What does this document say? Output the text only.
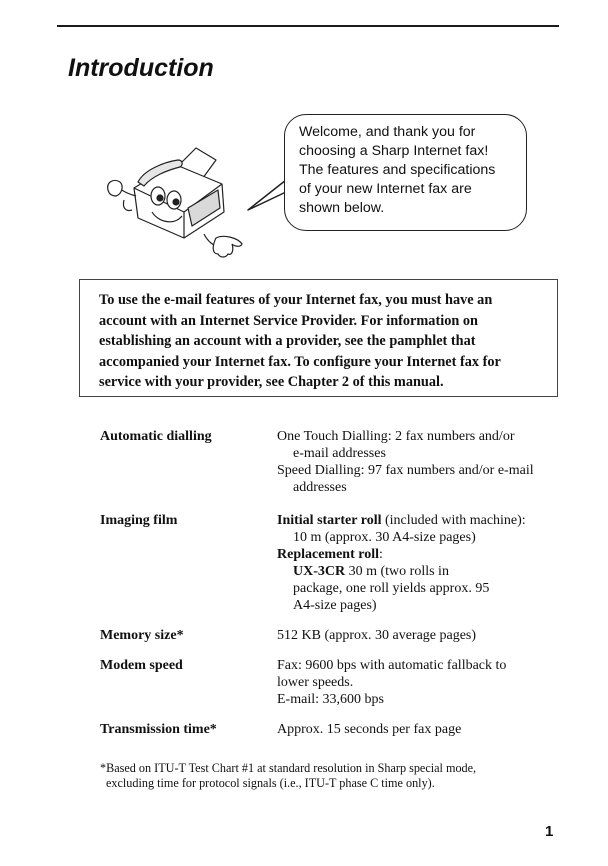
Introduction
Welcome, and thank you for
choosing a Sharp Internet fax!
The features and specifications
of your new Internet fax are
shown below.
To use the e-mail features of your Internet fax, you must have an account with an Internet Service Provider. For information on establishing an account with a provider, see the pamphlet that accompanied your Internet fax. To configure your Internet fax for service with your provider, see Chapter 2 of this manual.
Automatic dialling	One Touch Dialling: 2 fax numbers and/or
e-mail addresses
Speed Dialling: 97 fax numbers and/or e-mail
addresses
Imaging film	Initial starter roll (included with machine):
10 m (approx. 30 A4-size pages)
Replacement roll:
UX-3CR 30 m (two rolls in
package, one roll yields approx. 95
A4-size pages)
Memory size*	512 KB (approx. 30 average pages)
Modem speed	Fax: 9600 bps with automatic fallback to
lower speeds.
E-mail: 33,600 bps
Transmission time*	Approx. 15 seconds per fax page
*Based on ITU-T Test Chart #1 at standard resolution in Sharp special mode,
excluding time for protocol signals (i.e., ITU-T phase C time only).
1
